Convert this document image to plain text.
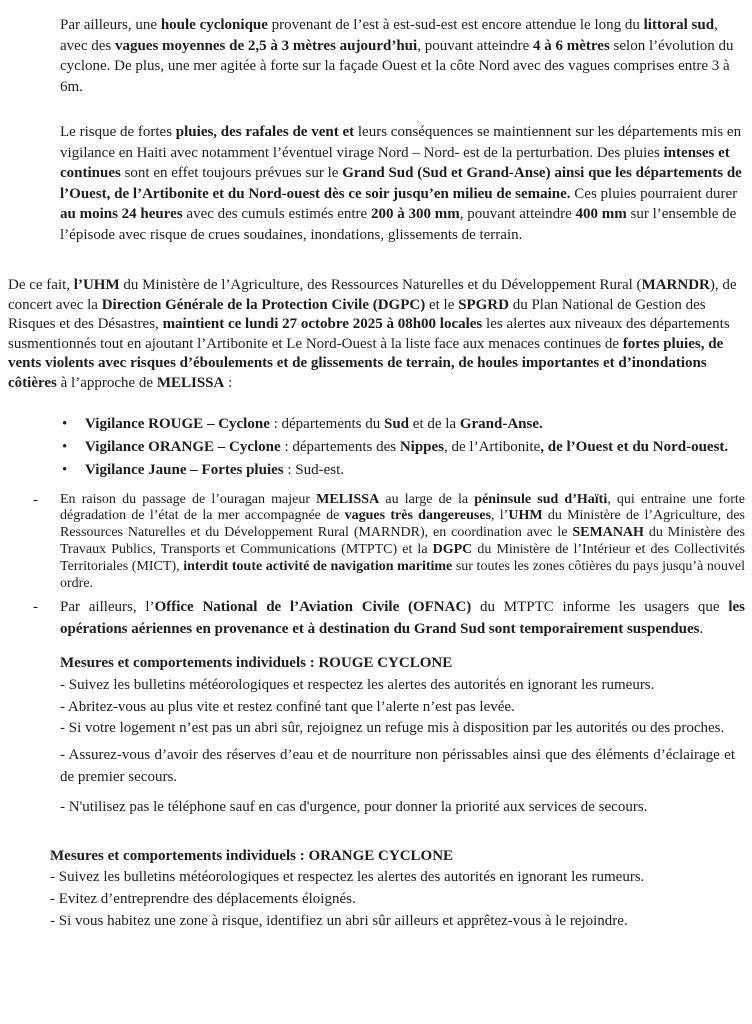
Par ailleurs, une houle cyclonique provenant de l’est à est-sud-est est encore attendue le long du littoral sud, avec des vagues moyennes de 2,5 à 3 mètres aujourd’hui, pouvant atteindre 4 à 6 mètres selon l’évolution du cyclone. De plus, une mer agitée à forte sur la façade Ouest et la côte Nord avec des vagues comprises entre 3 à 6m.

Le risque de fortes pluies, des rafales de vent et leurs conséquences se maintiennent sur les départements mis en vigilance en Haiti avec notamment l’éventuel virage Nord – Nord- est de la perturbation. Des pluies intenses et continues sont en effet toujours prévues sur le Grand Sud (Sud et Grand-Anse) ainsi que les départements de l’Ouest, de l’Artibonite et du Nord-ouest dès ce soir jusqu’en milieu de semaine. Ces pluies pourraient durer au moins 24 heures avec des cumuls estimés entre 200 à 300 mm, pouvant atteindre 400 mm sur l’ensemble de l’épisode avec risque de crues soudaines, inondations, glissements de terrain.

De ce fait, l’UHM du Ministère de l’Agriculture, des Ressources Naturelles et du Développement Rural (MARNDR), de concert avec la Direction Générale de la Protection Civile (DGPC) et le SPGRD du Plan National de Gestion des Risques et des Désastres, maintient ce lundi 27 octobre 2025 à 08h00 locales les alertes aux niveaux des départements susmentionnés tout en ajoutant l’Artibonite et Le Nord-Ouest à la liste face aux menaces continues de fortes pluies, de vents violents avec risques d’éboulements et de glissements de terrain, de houles importantes et d’inondations côtières à l’approche de MELISSA :

•	Vigilance ROUGE – Cyclone : départements du Sud et de la Grand-Anse.
•	Vigilance ORANGE – Cyclone : départements des Nippes, de l’Artibonite, de l’Ouest et du Nord-ouest.
•	Vigilance Jaune – Fortes pluies : Sud-est.
-	En raison du passage de l’ouragan majeur MELISSA au large de la péninsule sud d’Haïti, qui entraine une forte dégradation de l’état de la mer accompagnée de vagues très dangereuses, l’UHM du Ministère de l’Agriculture, des Ressources Naturelles et du Développement Rural (MARNDR), en coordination avec le SEMANAH du Ministère des Travaux Publics, Transports et Communications (MTPTC) et la DGPC du Ministère de l’Intérieur et des Collectivités Territoriales (MICT), interdit toute activité de navigation maritime sur toutes les zones côtières du pays jusqu’à nouvel ordre.
-	Par ailleurs, l’Office National de l’Aviation Civile (OFNAC) du MTPTC informe les usagers que les opérations aériennes en provenance et à destination du Grand Sud sont temporairement suspendues.
Mesures et comportements individuels : ROUGE CYCLONE

- Suivez les bulletins météorologiques et respectez les alertes des autorités en ignorant les rumeurs.

- Abritez-vous au plus vite et restez confiné tant que l’alerte n’est pas levée.

- Si votre logement n’est pas un abri sûr, rejoignez un refuge mis à disposition par les autorités ou des proches.

- Assurez-vous d’avoir des réserves d’eau et de nourriture non périssables ainsi que des éléments d’éclairage et de premier secours.

- N'utilisez pas le téléphone sauf en cas d'urgence, pour donner la priorité aux services de secours.

Mesures et comportements individuels : ORANGE CYCLONE

- Suivez les bulletins météorologiques et respectez les alertes des autorités en ignorant les rumeurs.

- Evitez d’entreprendre des déplacements éloignés.

- Si vous habitez une zone à risque, identifiez un abri sûr ailleurs et apprêtez-vous à le rejoindre.
